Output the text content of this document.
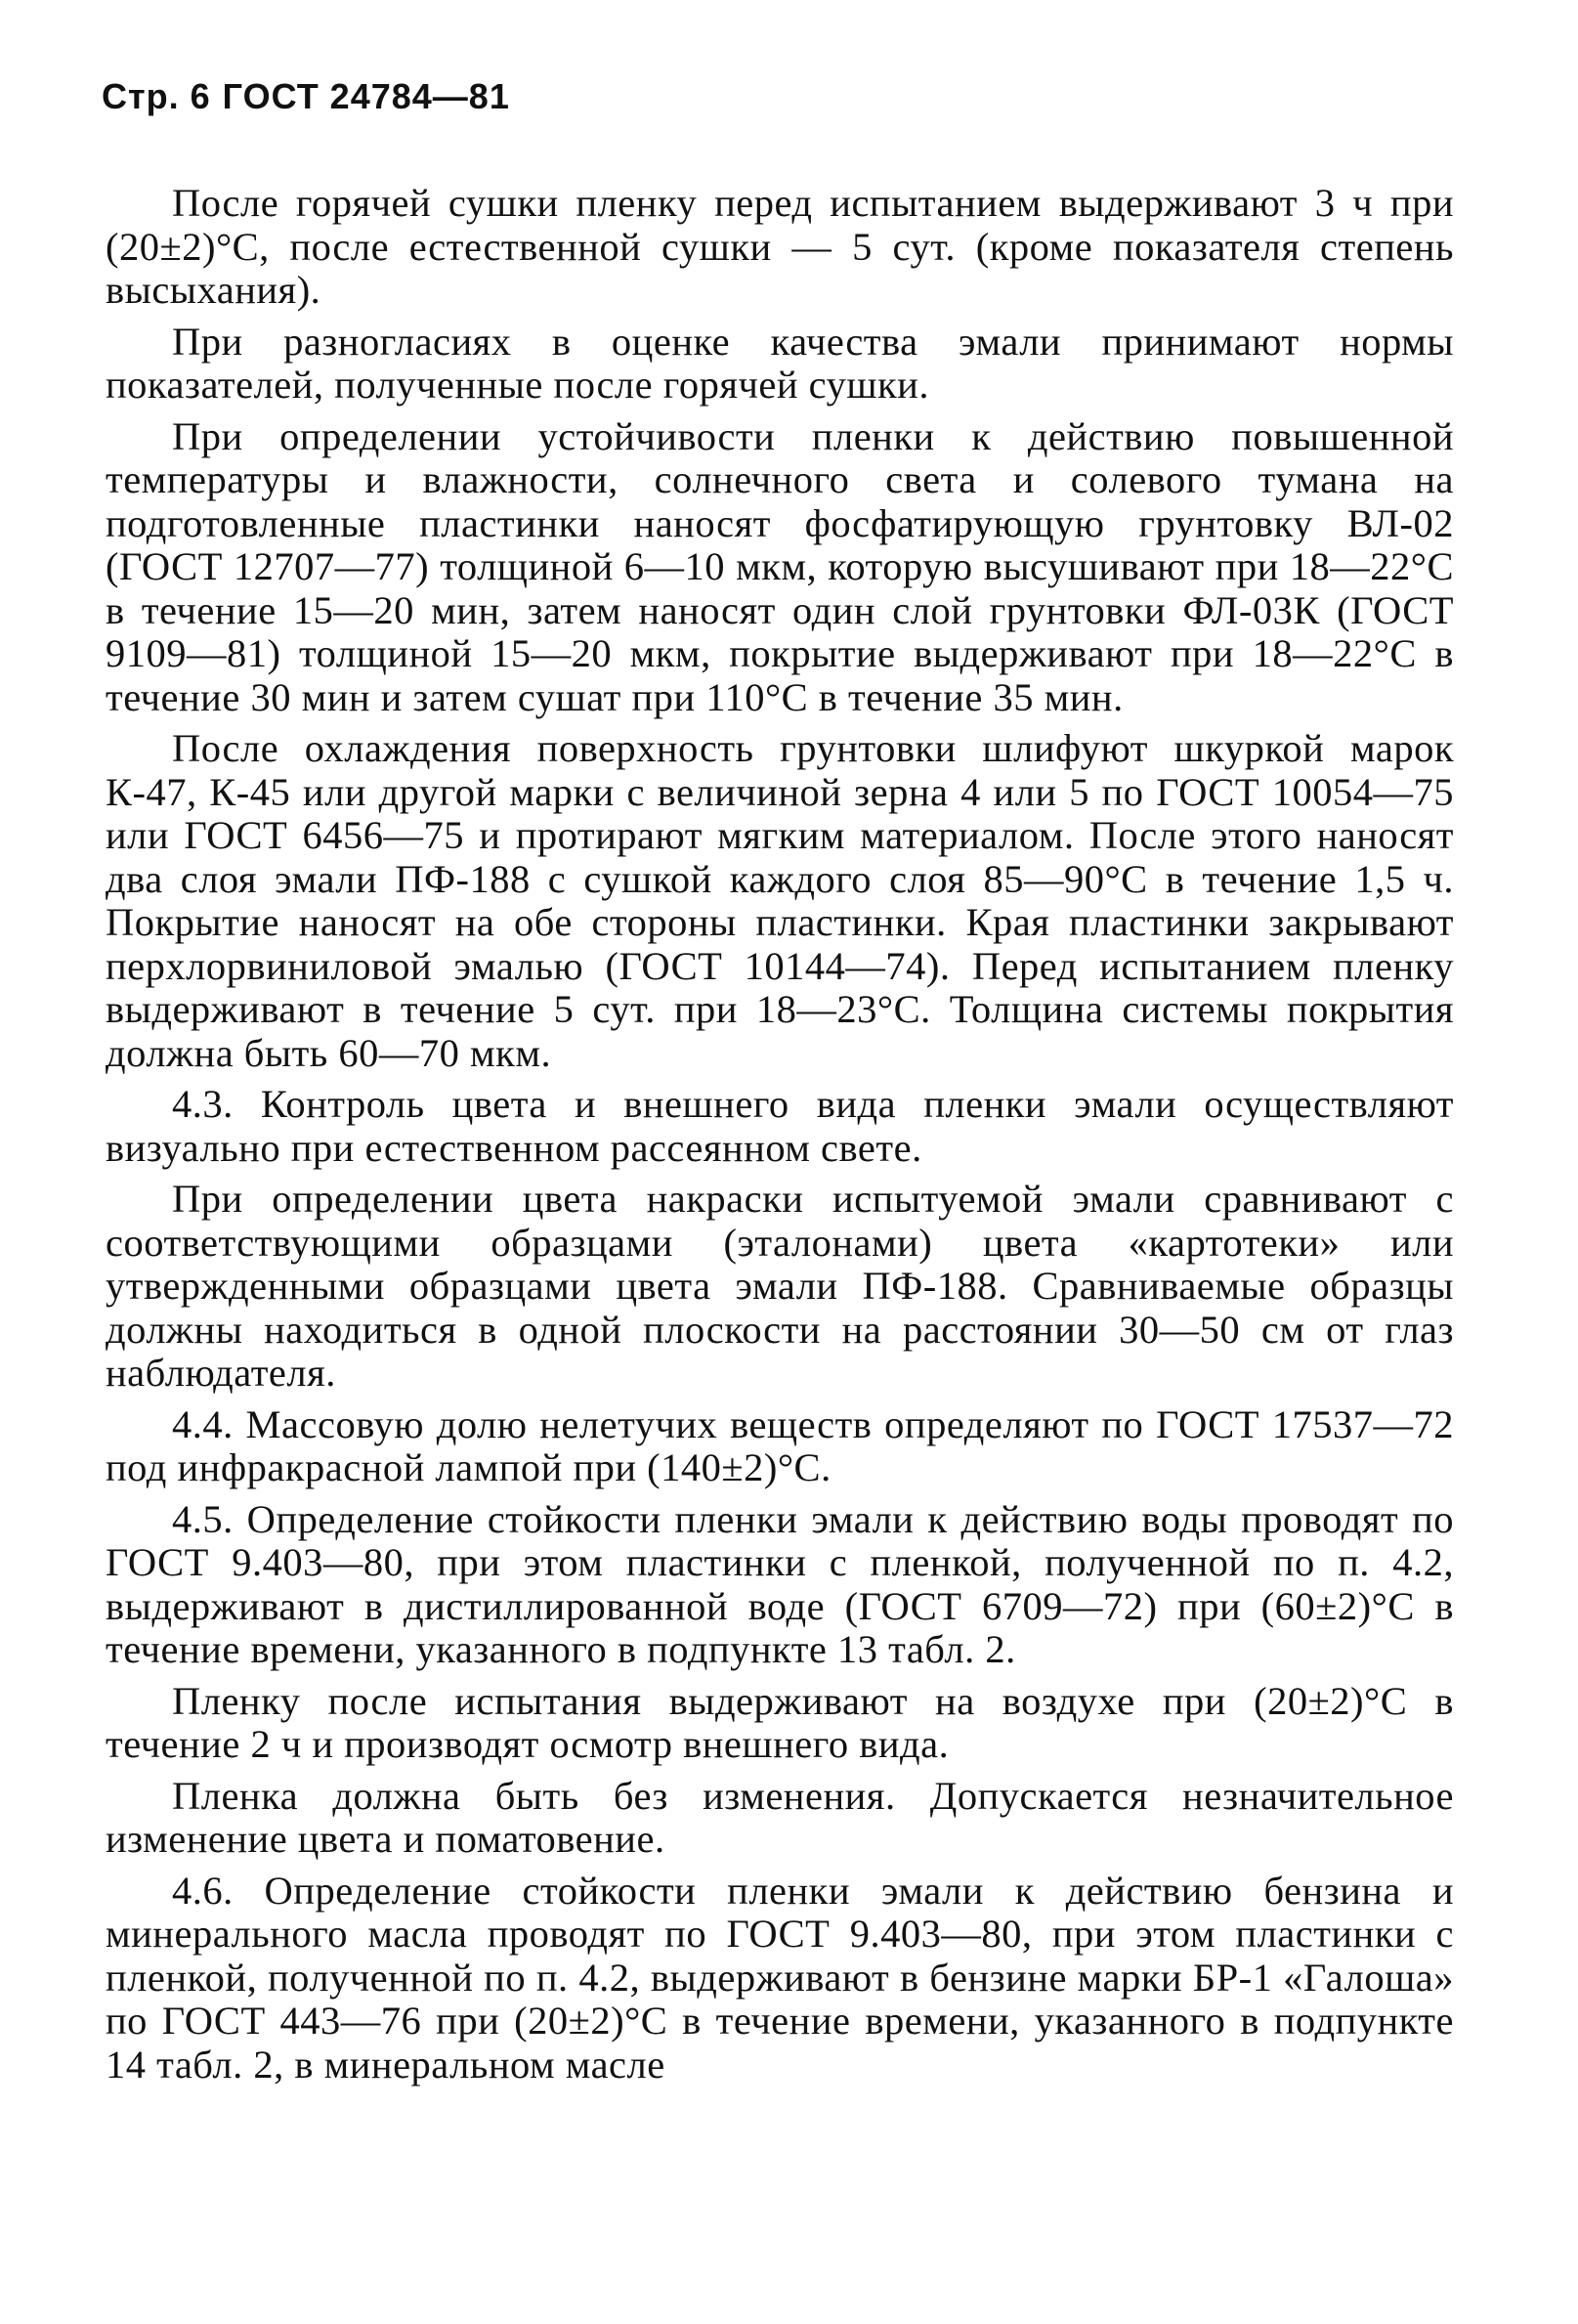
Стр. 6 ГОСТ 24784—81

После горячей сушки пленку перед испытанием выдерживают 3 ч при (20±2)°С, после естественной сушки — 5 сут. (кроме показателя степень высыхания).

При разногласиях в оценке качества эмали принимают нормы показателей, полученные после горячей сушки.

При определении устойчивости пленки к действию повышенной температуры и влажности, солнечного света и солевого тумана на подготовленные пластинки наносят фосфатирующую грунтовку ВЛ-02 (ГОСТ 12707—77) толщиной 6—10 мкм, которую высушивают при 18—22°С в течение 15—20 мин, затем наносят один слой грунтовки ФЛ-03К (ГОСТ 9109—81) толщиной 15—20 мкм, покрытие выдерживают при 18—22°С в течение 30 мин и затем сушат при 110°С в течение 35 мин.

После охлаждения поверхность грунтовки шлифуют шкуркой марок К-47, К-45 или другой марки с величиной зерна 4 или 5 по ГОСТ 10054—75 или ГОСТ 6456—75 и протирают мягким материалом. После этого наносят два слоя эмали ПФ-188 с сушкой каждого слоя 85—90°С в течение 1,5 ч. Покрытие наносят на обе стороны пластинки. Края пластинки закрывают перхлорвиниловой эмалью (ГОСТ 10144—74). Перед испытанием пленку выдерживают в течение 5 сут. при 18—23°С. Толщина системы покрытия должна быть 60—70 мкм.

4.3. Контроль цвета и внешнего вида пленки эмали осуществляют визуально при естественном рассеянном свете.

При определении цвета накраски испытуемой эмали сравнивают с соответствующими образцами (эталонами) цвета «картотеки» или утвержденными образцами цвета эмали ПФ-188. Сравниваемые образцы должны находиться в одной плоскости на расстоянии 30—50 см от глаз наблюдателя.

4.4. Массовую долю нелетучих веществ определяют по ГОСТ 17537—72 под инфракрасной лампой при (140±2)°С.

4.5. Определение стойкости пленки эмали к действию воды проводят по ГОСТ 9.403—80, при этом пластинки с пленкой, полученной по п. 4.2, выдерживают в дистиллированной воде (ГОСТ 6709—72) при (60±2)°С в течение времени, указанного в подпункте 13 табл. 2.

Пленку после испытания выдерживают на воздухе при (20±2)°С в течение 2 ч и производят осмотр внешнего вида.

Пленка должна быть без изменения. Допускается незначительное изменение цвета и поматовение.

4.6. Определение стойкости пленки эмали к действию бензина и минерального масла проводят по ГОСТ 9.403—80, при этом пластинки с пленкой, полученной по п. 4.2, выдерживают в бензине марки БР-1 «Галоша» по ГОСТ 443—76 при (20±2)°С в течение времени, указанного в подпункте 14 табл. 2, в минеральном масле
